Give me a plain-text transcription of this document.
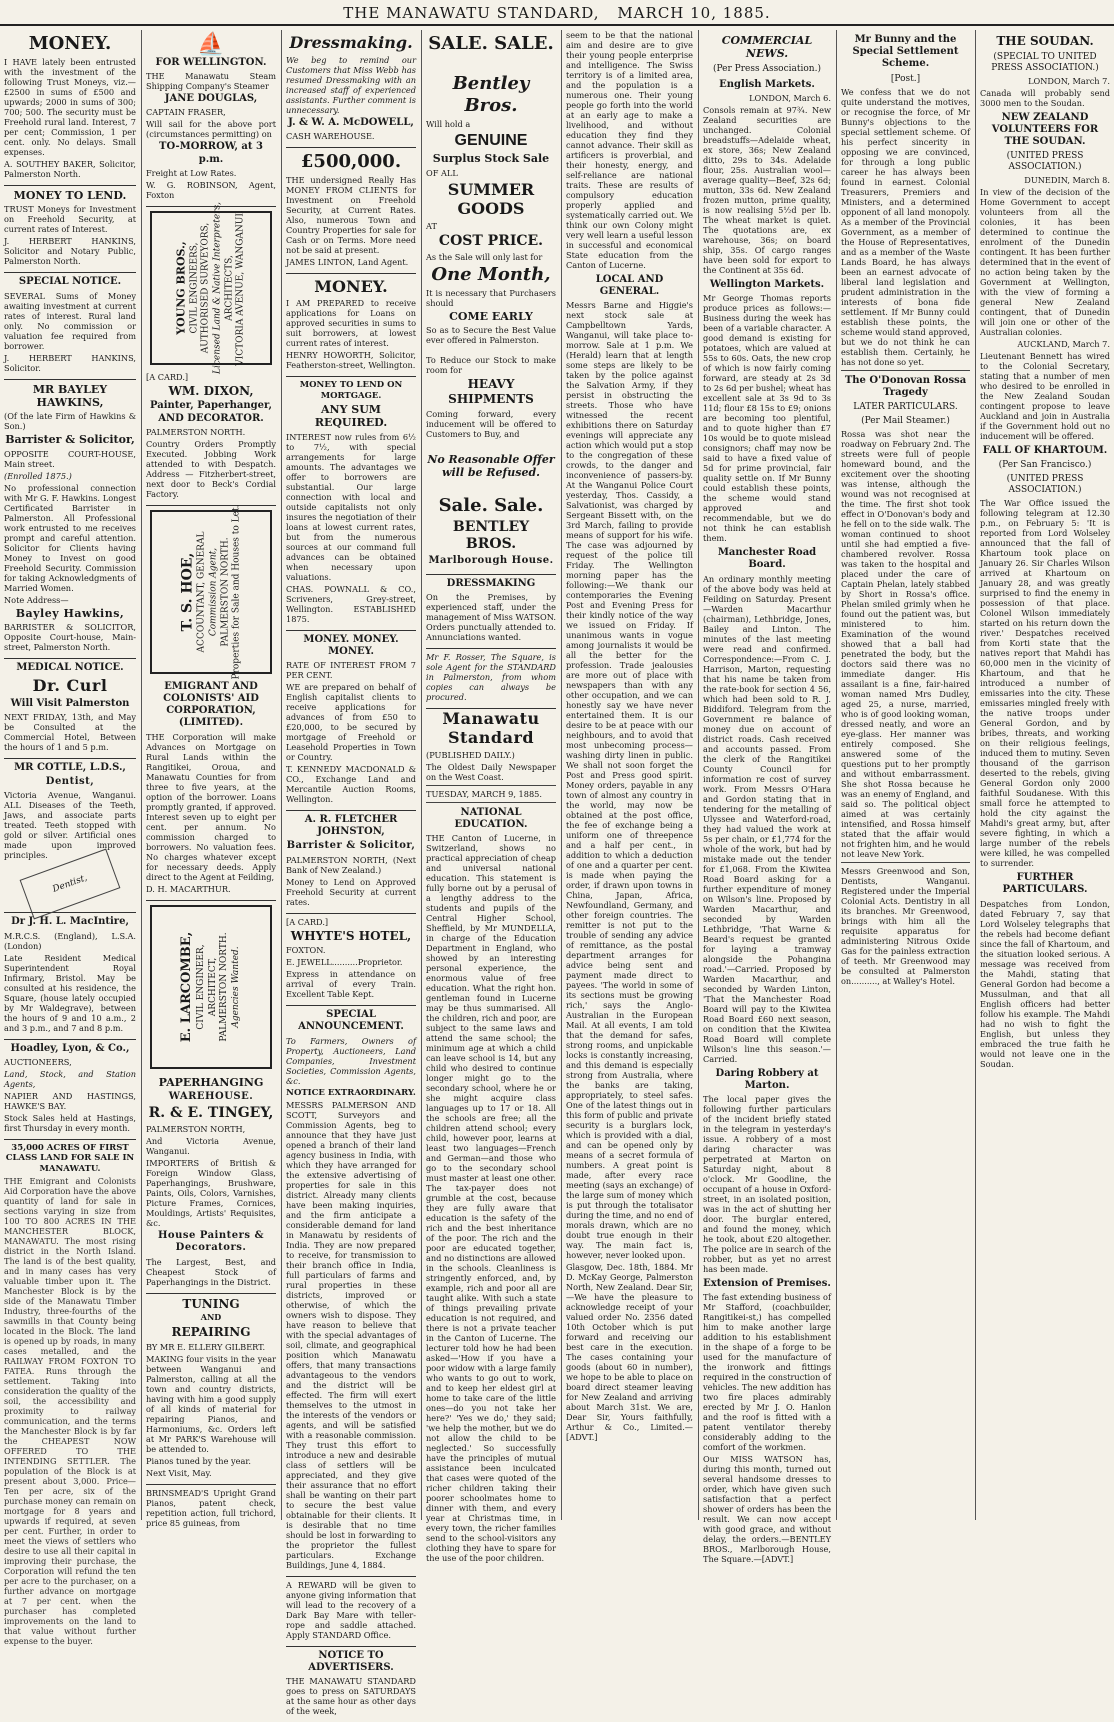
THE MANAWATU STANDARD, MARCH 10, 1885.
MONEY.

I HAVE lately been entrusted with the investment of the following Trust Moneys, viz.— £2500 in sums of £500 and upwards; 2000 in sums of 300; 700; 500. The security must be Freehold rural land. Interest, 7 per cent; Commission, 1 per cent. only. No delays. Small expenses.

A. SOUTHEY BAKER, Solicitor, Palmerston North.

MONEY TO LEND.

TRUST Moneys for Investment on Freehold Security, at current rates of Interest.

J. HERBERT HANKINS, Solicitor and Notary Public, Palmerston North.

SPECIAL NOTICE.

SEVERAL Sums of Money awaiting investment at current rates of interest. Rural land only. No commission or valuation fee required from borrower.

J. HERBERT HANKINS, Solicitor.

MR BAYLEY HAWKINS,

(Of the late Firm of Hawkins & Son.)

Barrister & Solicitor,

OPPOSITE COURT-HOUSE, Main street.

(Enrolled 1875.)

No professional connection with Mr G. F. Hawkins. Longest Certificated Barrister in Palmerston. All Professional work entrusted to me receives prompt and careful attention. Solicitor for Clients having Money to Invest on good Freehold Security. Commission for taking Acknowledgments of Married Women.

Note Address—

Bayley Hawkins,

BARRISTER & SOLICITOR, Opposite Court-house, Main-street, Palmerston North.

MEDICAL NOTICE.
Dr. Curl
Will Visit Palmerston

NEXT FRIDAY, 13th, and May be Consulted at the Commercial Hotel, Between the hours of 1 and 5 p.m.

MR COTTLE, L.D.S.,
Dentist,

Victoria Avenue, Wanganui. ALL Diseases of the Teeth, Jaws, and associate parts treated. Teeth stopped with gold or silver. Artificial ones made upon improved principles.

Dentist,
Dr J. H. L. MacIntire,

M.R.C.S. (England), L.S.A. (London)

Late Resident Medical Superintendent Royal Infirmary, Bristol. May be consulted at his residence, the Square, (house lately occupied by Mr Waldegrave), between the hours of 9 and 10 a.m., 2 and 3 p.m., and 7 and 8 p.m.

Hoadley, Lyon, & Co.,

AUCTIONEERS,

Land, Stock, and Station Agents,

NAPIER AND HASTINGS, HAWKE'S BAY.

Stock Sales held at Hastings, first Thursday in every month.

35,000 ACRES OF FIRST CLASS LAND FOR SALE IN MANAWATU.

THE Emigrant and Colonists Aid Corporation have the above quantity of land for sale in sections varying in size from 100 TO 800 ACRES IN THE MANCHESTER BLOCK, MANAWATU. The most rising district in the North Island. The land is of the best quality, and in many cases has very valuable timber upon it. The Manchester Block is by the side of the Manawatu Timber Industry, three-fourths of the sawmills in that County being located in the Block. The land is opened up by roads, in many cases metalled, and the RAILWAY FROM FOXTON TO FATEA. Runs through the settlement. Taking into consideration the quality of the soil, the accessibility and proximity to railway communication, and the terms the Manchester Block is by far the CHEAPEST NOW OFFERED TO THE INTENDING SETTLER. The population of the Block is at present about 3,000. Price—Ten per acre, six of the purchase money can remain on mortgage for 8 years and upwards if required, at seven per cent. Further, in order to meet the views of settlers who desire to use all their capital in improving their purchase, the Corporation will refund the ten per acre to the purchaser, on a further advance on mortgage at 7 per cent. when the purchaser has completed improvements on the land to that value without further expense to the buyer.

⛵
FOR WELLINGTON.

THE Manawatu Steam Shipping Company's Steamer

JANE DOUGLAS,

CAPTAIN FRASER,

Will sail for the above port (circumstances permitting) on

TO-MORROW, at 3 p.m.

Freight at Low Rates.

W. G. ROBINSON, Agent, Foxton

YOUNG BROS., CIVIL ENGINEERS, AUTHORISED SURVEYORS, Licensed Land & Native Interpreters, ARCHITECTS, VICTORIA AVENUE, WANGANUI.

[A CARD.]

WM. DIXON,
Painter, Paperhanger, AND DECORATOR.

PALMERSTON NORTH.

Country Orders Promptly Executed. Jobbing Work attended to with Despatch. Address — Fitzherbert-street, next door to Beck's Cordial Factory.

T. S. HOE,
ACCOUNTANT, GENERAL Commission Agent, PALMERSTON NORTH. Properties for Sale and Houses to Let.
EMIGRANT AND COLONISTS' AID CORPORATION, (LIMITED).

THE Corporation will make Advances on Mortgage on Rural Lands within the Rangitikei, Oroua, and Manawatu Counties for from three to five years, at the option of the borrower. Loans promptly granted, if approved. Interest seven up to eight per cent. per annum. No commission charged to borrowers. No valuation fees. No charges whatever except for necessary deeds. Apply direct to the Agent at Feilding,

D. H. MACARTHUR.

E. LARCOMBE, CIVIL ENGINEER, ARCHITECT, PALMERSTON NORTH. Agencies Wanted.
PAPERHANGING
WAREHOUSE.
R. & E. TINGEY,

PALMERSTON NORTH,

And Victoria Avenue, Wanganui.

IMPORTERS of British & Foreign Window Glass, Paperhangings, Brushware, Paints, Oils, Colors, Varnishes, Picture Frames, Cornices, Mouldings, Artists' Requisites, &c.

House Painters & Decorators.

The Largest, Best, and Cheapest Stock of Paperhangings in the District.

TUNING
AND
REPAIRING

BY MR E. ELLERY GILBERT.

MAKING four visits in the year between Wanganui and Palmerston, calling at all the town and country districts, having with him a good supply of all kinds of material for repairing Pianos, and Harmoniums, &c. Orders left at Mr PARK'S Warehouse will be attended to.

Pianos tuned by the year.

Next Visit, May.

BRINSMEAD'S Upright Grand Pianos, patent check, repetition action, full trichord, price 85 guineas, from

Dressmaking.

We beg to remind our Customers that Miss Webb has resumed Dressmaking with an increased staff of experienced assistants. Further comment is unnecessary.

J. & W. A. McDOWELL,

CASH WAREHOUSE.

£500,000.

THE undersigned Really Has MONEY FROM CLIENTS for Investment on Freehold Security, at Current Rates. Also, numerous Town and Country Properties for sale for Cash or on Terms. More need not be said at present.

JAMES LINTON, Land Agent.

MONEY.

I AM PREPARED to receive applications for Loans on approved securities in sums to suit borrowers, at lowest current rates of interest.

HENRY HOWORTH, Solicitor, Featherston-street, Wellington.

MONEY TO LEND ON MORTGAGE.
ANY SUM REQUIRED.

INTEREST now rules from 6½ to 7½, with special arrangements for large amounts. The advantages we offer to borrowers are substantial. Our large connection with local and outside capitalists not only insures the negotiation of their loans at lowest current rates, but from the numerous sources at our command full advances can be obtained when necessary upon valuations.

CHAS. POWNALL & CO., Scriveners, Grey-street, Wellington. ESTABLISHED 1875.

MONEY. MONEY. MONEY.

RATE OF INTEREST FROM 7 PER CENT.

WE are prepared on behalf of English capitalist clients to receive applications for advances of from £50 to £20,000, to be secured by mortgage of Freehold or Leasehold Properties in Town or Country.

T. KENNEDY MACDONALD & CO., Exchange Land and Mercantile Auction Rooms, Wellington.

A. R. FLETCHER JOHNSTON,
Barrister & Solicitor,

PALMERSTON NORTH, (Next Bank of New Zealand.)

Money to Lend on Approved Freehold Security at current rates.

[A CARD.]

WHYTE'S HOTEL,

FOXTON.

E. JEWELL..........Proprietor.

Express in attendance on arrival of every Train. Excellent Table Kept.

SPECIAL ANNOUNCEMENT.

To Farmers, Owners of Property, Auctioneers, Land Companies, Investment Societies, Commission Agents, &c.

NOTICE EXTRAORDINARY.

MESSRS PALMERSON AND SCOTT, Surveyors and Commission Agents, beg to announce that they have just opened a branch of their land agency business in India, with which they have arranged for the extensive advertising of properties for sale in this district. Already many clients have been making inquiries, and the firm anticipate a considerable demand for land in Manawatu by residents of India. They are now prepared to receive, for transmission to their branch office in India, full particulars of farms and rural properties in these districts, improved or otherwise, of which the owners wish to dispose. They have reason to believe that with the special advantages of soil, climate, and geographical position which Manawatu offers, that many transactions advantageous to the vendors and the district will be effected. The firm will exert themselves to the utmost in the interests of the vendors or agents, and will be satisfied with a reasonable commission. They trust this effort to introduce a new and desirable class of settlers will be appreciated, and they give their assurance that no effort shall be wanting on their part to secure the best value obtainable for their clients. It is desirable that no time should be lost in forwarding to the proprietor the fullest particulars. Exchange Buildings, June 4, 1884.

A REWARD will be given to anyone giving information that will lead to the recovery of a Dark Bay Mare with teller-rope and saddle attached. Apply STANDARD Office.

NOTICE TO ADVERTISERS.

THE MANAWATU STANDARD goes to press on SATURDAYS at the same hour as other days of the week,

SALE. SALE.
Bentley Bros.

Will hold a

GENUINE
Surplus Stock Sale

OF ALL

SUMMER GOODS

AT

COST PRICE.

As the Sale will only last for

One Month,

It is necessary that Purchasers should

COME EARLY

So as to Secure the Best Value ever offered in Palmerston.

To Reduce our Stock to make room for

HEAVY SHIPMENTS

Coming forward, every inducement will be offered to Customers to Buy, and

No Reasonable Offer will be Refused.
Sale. Sale.
BENTLEY BROS.
Marlborough House.
DRESSMAKING

On the Premises, by experienced staff, under the management of Miss WATSON. Orders punctually attended to. Annunciations wanted.

Mr F. Rosser, The Square, is sole Agent for the STANDARD in Palmerston, from whom copies can always be procured.

Manawatu Standard

(PUBLISHED DAILY.)

The Oldest Daily Newspaper on the West Coast.

TUESDAY, MARCH 9, 1885.

NATIONAL EDUCATION.

THE Canton of Lucerne, in Switzerland, shows no practical appreciation of cheap and universal national education. This statement is fully borne out by a perusal of a lengthy address to the students and pupils of the Central Higher School, Sheffield, by Mr MUNDELLA, in charge of the Education Department in England, who showed by an interesting personal experience, the enormous value of free education. What the right hon. gentleman found in Lucerne may be thus summarised. All the children, rich and poor, are subject to the same laws and attend the same school; the minimum age at which a child can leave school is 14, but any child who desired to continue longer might go to the secondary school, where he or she might acquire class languages up to 17 or 18. All the schools are free; all the children attend school; every child, however poor, learns at least two languages—French and German—and those who go to the secondary school must master at least one other. The tax-payer does not grumble at the cost, because they are fully aware that education is the safety of the rich and the best inheritance of the poor. The rich and the poor are educated together, and no distinctions are allowed in the schools. Cleanliness is stringently enforced, and, by example, rich and poor all are taught alike. With such a state of things prevailing private education is not required, and there is not a private teacher in the Canton of Lucerne. The lecturer told how he had been asked—'How if you have a poor widow with a large family who wants to go out to work, and to keep her eldest girl at home to take care of the little ones—do you not take her here?' 'Yes we do,' they said; 'we help the mother, but we do not allow the child to be neglected.' So successfully have the principles of mutual assistance been inculcated that cases were quoted of the richer children taking their poorer schoolmates home to dinner with them, and every year at Christmas time, in every town, the richer families send to the school-visitors any clothing they have to spare for the use of the poor children.

seem to be that the national aim and desire are to give their young people enterprise and intelligence. The Swiss territory is of a limited area, and the population is a numerous one. Their young people go forth into the world at an early age to make a livelihood, and without education they find they cannot advance. Their skill as artificers is proverbial, and their honesty, energy, and self-reliance are national traits. These are results of compulsory education properly applied and systematically carried out. We think our own Colony might very well learn a useful lesson in successful and economical State education from the Canton of Lucerne.

LOCAL AND GENERAL.

Messrs Barne and Higgie's next stock sale at Campbelltown Yards, Wanganui, will take place to-morrow. Sale at 1 p.m. We (Herald) learn that at length some steps are likely to be taken by the police against the Salvation Army, if they persist in obstructing the streets. Those who have witnessed the recent exhibitions there on Saturday evenings will appreciate any action which would put a stop to the congregation of these crowds, to the danger and inconvenience of passers-by. At the Wanganui Police Court yesterday, Thos. Cassidy, a Salvationist, was charged by Sergeant Bissett with, on the 3rd March, failing to provide means of support for his wife. The case was adjourned by request of the police till Friday. The Wellington morning paper has the following:—We thank our contemporaries the Evening Post and Evening Press for their kindly notice of the way we issued on Friday. If unanimous wants in vogue among journalists it would be all the better for the profession. Trade jealousies are more out of place with newspapers than with any other occupation, and we can honestly say we have never entertained them. It is our desire to be at peace with our neighbours, and to avoid that most unbecoming process—washing dirty linen in public. We shall not soon forget the Post and Press good spirit. Money orders, payable in any town of almost any country in the world, may now be obtained at the post office, the fee of exchange being a uniform one of threepence and a half per cent., in addition to which a deduction of one and a quarter per cent. is made when paying the order, if drawn upon towns in China, Japan, Africa, Newfoundland, Germany, and other foreign countries. The remitter is not put to the trouble of sending any advice of remittance, as the postal department arranges for advice being sent and payment made direct to payees. 'The world in some of its sections must be growing rich,' says the Anglo-Australian in the European Mail. At all events, I am told that the demand for safes, strong rooms, and unpickable locks is constantly increasing, and this demand is especially strong from Australia, where the banks are taking, appropriately, to steel safes. One of the latest things out in this form of public and private security is a burglars lock, which is provided with a dial, and can be opened only by means of a secret formula of numbers. A great point is made, after every race meeting (says an exchange) of the large sum of money which is put through the totalisator during the time, and no end of morals drawn, which are no doubt true enough in their way. The main fact is, however, never looked upon.

Glasgow, Dec. 18th, 1884. Mr D. McKay George, Palmerston North, New Zealand. Dear Sir,—We have the pleasure to acknowledge receipt of your valued order No. 2356 dated 10th October which is put forward and receiving our best care in the execution. The cases containing your goods (about 60 in number), we hope to be able to place on board direct steamer leaving for New Zealand and arriving about March 31st. We are, Dear Sir, Yours faithfully, Arthur & Co., Limited.—[ADVT.]

COMMERCIAL NEWS.
(Per Press Association.)
English Markets.

LONDON, March 6.

Consols remain at 97¾. New Zealand securities are unchanged. Colonial breadstuffs—Adelaide wheat, ex store, 36s; New Zealand ditto, 29s to 34s. Adelaide flour, 25s. Australian wool—average quality—Beef, 32s 6d; mutton, 33s 6d. New Zealand frozen mutton, prime quality, is now realising 5½d per lb. The wheat market is quiet. The quotations are, ex warehouse, 36s; on board ship, 35s. Of cargo ranges have been sold for export to the Continent at 35s 6d.

Wellington Markets.

Mr George Thomas reports produce prices as follows:—Business during the week has been of a variable character. A good demand is existing for potatoes, which are valued at 55s to 60s. Oats, the new crop of which is now fairly coming forward, are steady at 2s 3d to 2s 6d per bushel; wheat has excellent sale at 3s 9d to 3s 11d; flour £8 15s to £9; onions are becoming too plentiful, and to quote higher than £7 10s would be to quote mislead consignors; chaff may now be said to have a fixed value of 5d for prime provincial, fair quality settle on. If Mr Bunny could establish these points, the scheme would stand approved and recommendable, but we do not think he can establish them.

Manchester Road Board.

An ordinary monthly meeting of the above body was held at Feilding on Saturday. Present—Warden Macarthur (chairman), Lethbridge, Jones, Bailey and Linton. The minutes of the last meeting were read and confirmed. Correspondence:—From C. J. Harrison, Marton, requesting that his name be taken from the rate-book for section 4 56, which had been sold to R. J. Biddiford. Telegram from the Government re balance of money due on account of district roads. Cash received and accounts passed. From the clerk of the Rangitikei County Council for information re cost of survey work. From Messrs O'Hara and Gordon stating that in tendering for the metalling of Ulyssee and Waterford-road, they had valued the work at 5s per chain, or £1,774 for the whole of the work, but had by mistake made out the tender for £1,068. From the Kiwitea Road Board asking for a further expenditure of money on Wilson's line. Proposed by Warden Macarthur, and seconded by Warden Lethbridge, 'That Warne & Beard's request be granted for laying a tramway alongside the Pohangina road.'—Carried. Proposed by Warden Macarthur, and seconded by Warden Linton, 'That the Manchester Road Board will pay to the Kiwitea Road Board £60 next season, on condition that the Kiwitea Road Board will complete Wilson's line this season.'—Carried.

Daring Robbery at Marton.

The local paper gives the following further particulars of the incident briefly stated in the telegram in yesterday's issue. A robbery of a most daring character was perpetrated at Marton on Saturday night, about 8 o'clock. Mr Goodline, the occupant of a house in Oxford-street, in an isolated position, was in the act of shutting her door. The burglar entered, and found the money, which he took, about £20 altogether. The police are in search of the robber, but as yet no arrest has been made.

Extension of Premises.

The fast extending business of Mr Stafford, (coachbuilder, Rangitikei-st,) has compelled him to make another large addition to his establishment in the shape of a forge to be used for the manufacture of the ironwork and fittings required in the construction of vehicles. The new addition has two fire places admirably erected by Mr J. O. Hanlon and the roof is fitted with a patent ventilator thereby considerably adding to the comfort of the workmen.

Our MISS WATSON has, during this month, turned out several handsome dresses to order, which have given such satisfaction that a perfect shower of orders has been the result. We can now accept with good grace, and without delay, the orders.—BENTLEY BROS., Marlborough House, The Square.—[ADVT.]

Mr Bunny and the Special Settlement Scheme.
[Post.]

We confess that we do not quite understand the motives, or recognise the force, of Mr Bunny's objections to the special settlement scheme. Of his perfect sincerity in opposing we are convinced, for through a long public career he has always been found in earnest. Colonial Treasurers, Premiers and Ministers, and a determined opponent of all land monopoly. As a member of the Provincial Government, as a member of the House of Representatives, and as a member of the Waste Lands Board, he has always been an earnest advocate of liberal land legislation and prudent administration in the interests of bona fide settlement. If Mr Bunny could establish these points, the scheme would stand approved, but we do not think he can establish them. Certainly, he has not done so yet.

The O'Donovan Rossa Tragedy
LATER PARTICULARS.
(Per Mail Steamer.)

Rossa was shot near the roadway on February 2nd. The streets were full of people homeward bound, and the excitement over the shooting was intense, although the wound was not recognised at the time. The first shot took effect in O'Donovan's body and he fell on to the side walk. The woman continued to shoot until she had emptied a five-chambered revolver. Rossa was taken to the hospital and placed under the care of Captain Phelan, lately stabbed by Short in Rossa's office. Phelan smiled grimly when he found out the patient was, but ministered to him. Examination of the wound showed that a ball had penetrated the body, but the doctors said there was no immediate danger. His assailant is a fine, fair-haired woman named Mrs Dudley, aged 25, a nurse, married, who is of good looking woman, dressed neatly, and wore an eye-glass. Her manner was entirely composed. She answered some of the questions put to her promptly and without embarrassment. She shot Rossa because he was an enemy of England, and said so. The political object aimed at was certainly intensified, and Rossa himself stated that the affair would not frighten him, and he would not leave New York.

Messrs Greenwood and Son, Dentists, Wanganui. Registered under the Imperial Colonial Acts. Dentistry in all its branches. Mr Greenwood, brings with him all the requisite apparatus for administering Nitrous Oxide Gas for the painless extraction of teeth. Mr Greenwood may be consulted at Palmerston on.........., at Walley's Hotel.

THE SOUDAN.
(SPECIAL TO UNITED PRESS ASSOCIATION.)

LONDON, March 7.

Canada will probably send 3000 men to the Soudan.

NEW ZEALAND VOLUNTEERS FOR THE SOUDAN.
(UNITED PRESS ASSOCIATION.)

DUNEDIN, March 8.

In view of the decision of the Home Government to accept volunteers from all the colonies, it has been determined to continue the enrolment of the Dunedin contingent. It has been further determined that in the event of no action being taken by the Government at Wellington, with the view of forming a general New Zealand contingent, that of Dunedin will join one or other of the Australian colonies.

AUCKLAND, March 7.

Lieutenant Bennett has wired to the Colonial Secretary, stating that a number of men who desired to be enrolled in the New Zealand Soudan contingent propose to leave Auckland and join in Australia if the Government hold out no inducement will be offered.

FALL OF KHARTOUM.
(Per San Francisco.)
(UNITED PRESS ASSOCIATION.)

The War Office issued the following telegram at 12.30 p.m., on February 5: 'It is reported from Lord Wolseley announced that the fall of Khartoum took place on January 26. Sir Charles Wilson arrived at Khartoum on January 28, and was greatly surprised to find the enemy in possession of that place. Colonel Wilson immediately started on his return down the river.' Despatches received from Korti state that the natives report that Mahdi has 60,000 men in the vicinity of Khartoum, and that he introduced a number of emissaries into the city. These emissaries mingled freely with the native troops under General Gordon, and by bribes, threats, and working on their religious feelings, induced them to mutiny. Seven thousand of the garrison deserted to the rebels, giving General Gordon only 2000 faithful Soudanese. With this small force he attempted to hold the city against the Mahdi's great army, but, after severe fighting, in which a large number of the rebels were killed, he was compelled to surrender.

FURTHER PARTICULARS.

Despatches from London, dated February 7, say that Lord Wolseley telegraphs that the rebels had become defiant since the fall of Khartoum, and the situation looked serious. A message was received from the Mahdi, stating that General Gordon had become a Mussulman, and that all English officers had better follow his example. The Mahdi had no wish to fight the English, but unless they embraced the true faith he would not leave one in the Soudan.
